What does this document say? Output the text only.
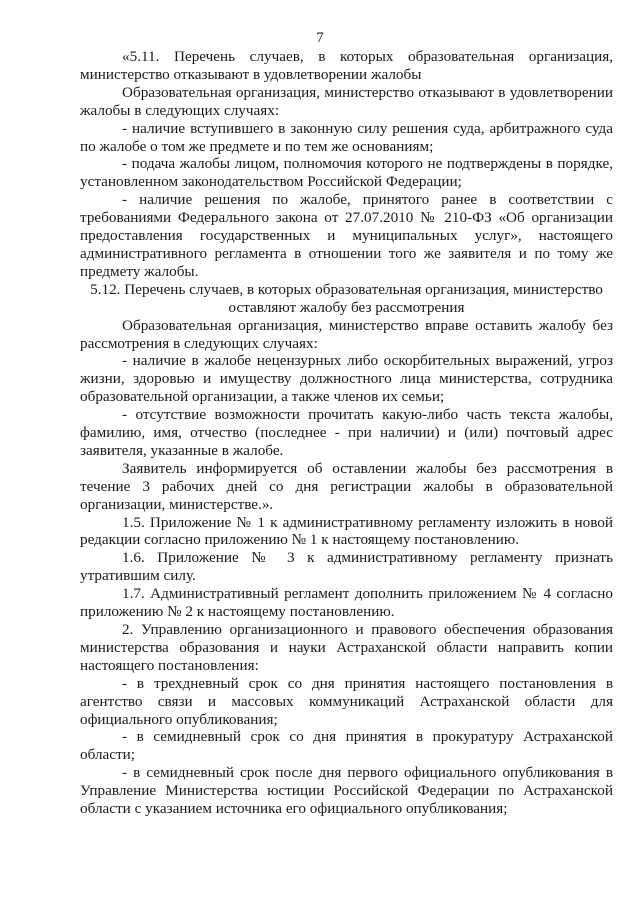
7

«5.11. Перечень случаев, в которых образовательная организация, министерство отказывают в удовлетворении жалобы

Образовательная организация, министерство отказывают в удовлетворении жалобы в следующих случаях:

- наличие вступившего в законную силу решения суда, арбитражного суда по жалобе о том же предмете и по тем же основаниям;

- подача жалобы лицом, полномочия которого не подтверждены в порядке, установленном законодательством Российской Федерации;

- наличие решения по жалобе, принятого ранее в соответствии с требованиями Федерального закона от 27.07.2010 № 210-ФЗ «Об организации предоставления государственных и муниципальных услуг», настоящего административного регламента в отношении того же заявителя и по тому же предмету жалобы.

5.12. Перечень случаев, в которых образовательная организация, министерство оставляют жалобу без рассмотрения

Образовательная организация, министерство вправе оставить жалобу без рассмотрения в следующих случаях:

- наличие в жалобе нецензурных либо оскорбительных выражений, угроз жизни, здоровью и имуществу должностного лица министерства, сотрудника образовательной организации, а также членов их семьи;

- отсутствие возможности прочитать какую-либо часть текста жалобы, фамилию, имя, отчество (последнее - при наличии) и (или) почтовый адрес заявителя, указанные в жалобе.

Заявитель информируется об оставлении жалобы без рассмотрения в течение 3 рабочих дней со дня регистрации жалобы в образовательной организации, министерстве.».

1.5. Приложение № 1 к административному регламенту изложить в новой редакции согласно приложению № 1 к настоящему постановлению.

1.6. Приложение № 3 к административному регламенту признать утратившим силу.

1.7. Административный регламент дополнить приложением № 4 согласно приложению № 2 к настоящему постановлению.

2. Управлению организационного и правового обеспечения образования министерства образования и науки Астраханской области направить копии настоящего постановления:

- в трехдневный срок со дня принятия настоящего постановления в агентство связи и массовых коммуникаций Астраханской области для официального опубликования;

- в семидневный срок со дня принятия в прокуратуру Астраханской области;

- в семидневный срок после дня первого официального опубликования в Управление Министерства юстиции Российской Федерации по Астраханской области с указанием источника его официального опубликования;
